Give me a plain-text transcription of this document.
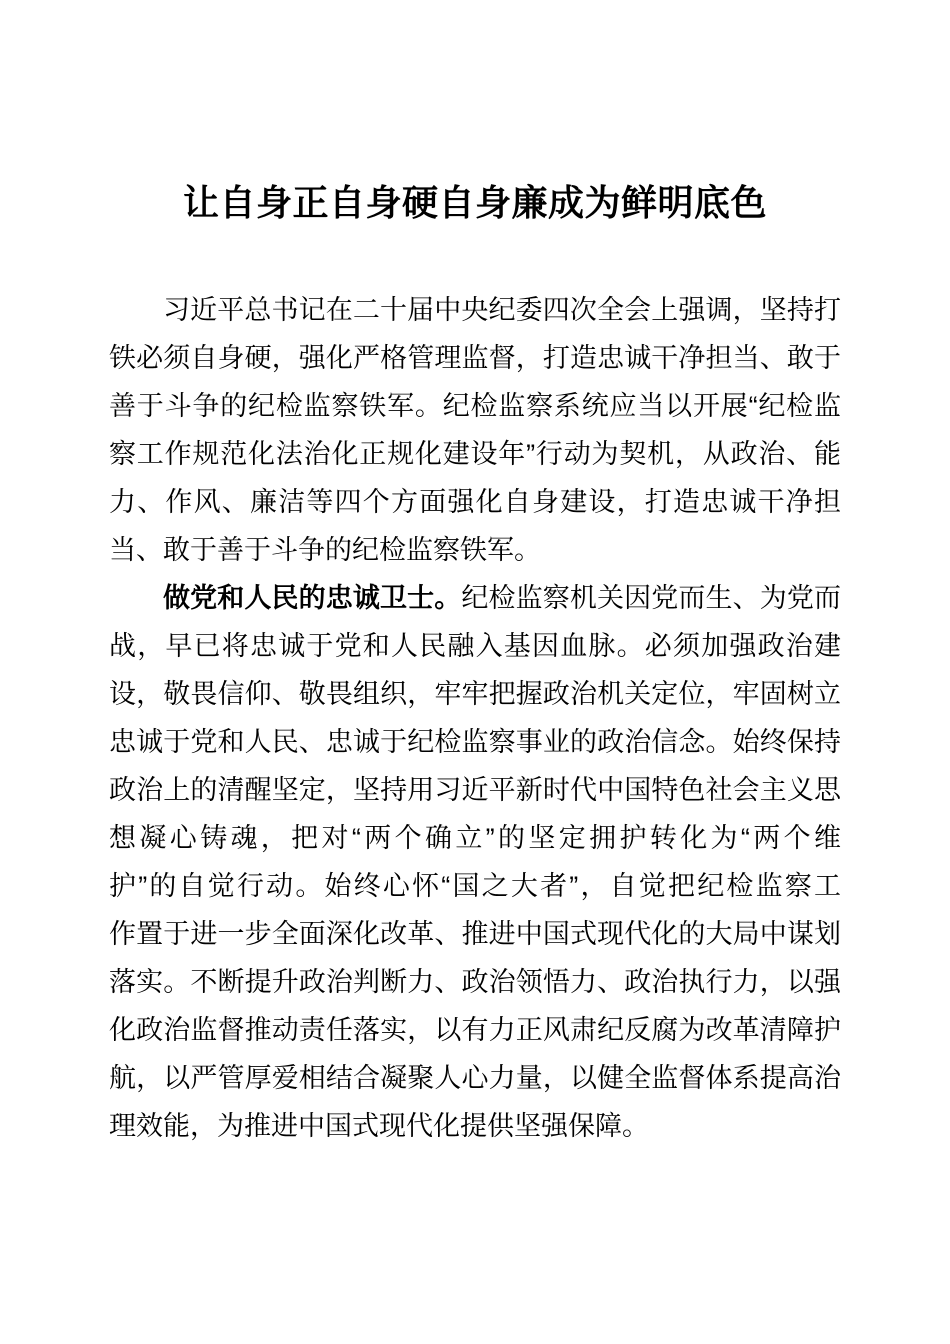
让自身正自身硬自身廉成为鲜明底色
习近平总书记在二十届中央纪委四次全会上强调，坚持打
铁必须自身硬，强化严格管理监督，打造忠诚干净担当、敢于
善于斗争的纪检监察铁军。纪检监察系统应当以开展“纪检监
察工作规范化法治化正规化建设年”行动为契机，从政治、能
力、作风、廉洁等四个方面强化自身建设，打造忠诚干净担
当、敢于善于斗争的纪检监察铁军。
做党和人民的忠诚卫士。纪检监察机关因党而生、为党而
战，早已将忠诚于党和人民融入基因血脉。必须加强政治建
设，敬畏信仰、敬畏组织，牢牢把握政治机关定位，牢固树立
忠诚于党和人民、忠诚于纪检监察事业的政治信念。始终保持
政治上的清醒坚定，坚持用习近平新时代中国特色社会主义思
想凝心铸魂，把对“两个确立”的坚定拥护转化为“两个维
护”的自觉行动。始终心怀“国之大者”，自觉把纪检监察工
作置于进一步全面深化改革、推进中国式现代化的大局中谋划
落实。不断提升政治判断力、政治领悟力、政治执行力，以强
化政治监督推动责任落实，以有力正风肃纪反腐为改革清障护
航，以严管厚爱相结合凝聚人心力量，以健全监督体系提高治
理效能，为推进中国式现代化提供坚强保障。
